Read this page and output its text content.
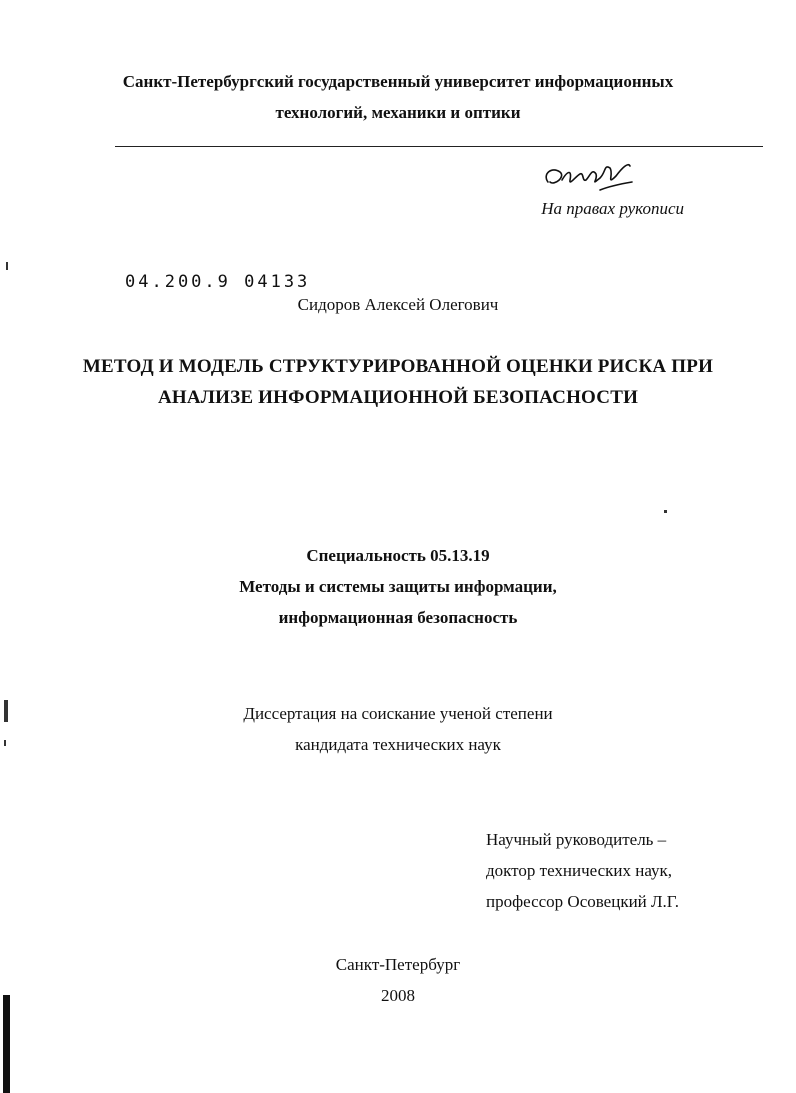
Санкт-Петербургский государственный университет информационных
технологий, механики и оптики
На правах рукописи
04.200.9 04133
Сидоров Алексей Олегович
МЕТОД И МОДЕЛЬ СТРУКТУРИРОВАННОЙ ОЦЕНКИ РИСКА ПРИ
АНАЛИЗЕ ИНФОРМАЦИОННОЙ БЕЗОПАСНОСТИ
Специальность 05.13.19
Методы и системы защиты информации,
информационная безопасность
Диссертация на соискание ученой степени
кандидата технических наук
Научный руководитель –
доктор технических наук,
профессор Осовецкий Л.Г.
Санкт-Петербург
2008
